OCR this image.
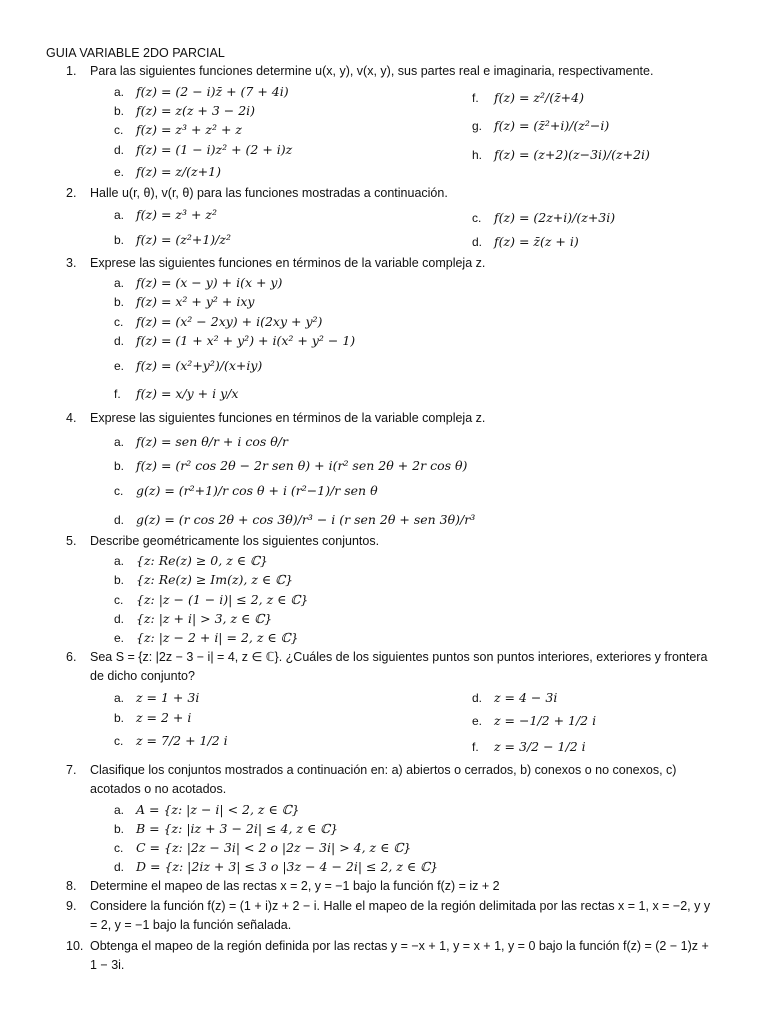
GUIA VARIABLE 2DO PARCIAL
1.	Para las siguientes funciones determine u(x, y), v(x, y), sus partes real e imaginaria, respectivamente.
a. f(z) = (2 − i)z̄ + (7 + 4i)
b. f(z) = z(z + 3 − 2i)
c. f(z) = z³ + z² + z
d. f(z) = (1 − i)z² + (2 + i)z
e. f(z) = z/(z+1)
f. f(z) = z²/(z̄+4)
g. f(z) = (z̄²+i)/(z²−i)
h. f(z) = (z+2)(z−3i)/(z+2i)
2.	Halle u(r, θ), v(r, θ) para las funciones mostradas a continuación.
a. f(z) = z³ + z²
b. f(z) = (z²+1)/z²
c. f(z) = (2z+i)/(z+3i)
d. f(z) = z̄(z + i)
3.	Exprese las siguientes funciones en términos de la variable compleja z.
a. f(z) = (x − y) + i(x + y)
b. f(z) = x² + y² + ixy
c. f(z) = (x² − 2xy) + i(2xy + y²)
d. f(z) = (1 + x² + y²) + i(x² + y² − 1)
e. f(z) = (x²+y²)/(x+iy)
f. f(z) = x/y + i y/x
4.	Exprese las siguientes funciones en términos de la variable compleja z.
a. f(z) = sen θ/r + i cos θ/r
b. f(z) = (r² cos 2θ − 2r sen θ) + i(r² sen 2θ + 2r cos θ)
c. g(z) = (r²+1)/r cos θ + i (r²−1)/r sen θ
d. g(z) = (r cos 2θ + cos 3θ)/r³ − i (r sen 2θ + sen 3θ)/r³
5.	Describe geométricamente los siguientes conjuntos.
a. {z: Re(z) ≥ 0, z ∈ ℂ}
b. {z: Re(z) ≥ Im(z), z ∈ ℂ}
c. {z: |z − (1 − i)| ≤ 2, z ∈ ℂ}
d. {z: |z + i| > 3, z ∈ ℂ}
e. {z: |z − 2 + i| = 2, z ∈ ℂ}
6.	Sea S = {z: |2z − 3 − i| = 4, z ∈ ℂ}. ¿Cuáles de los siguientes puntos son puntos interiores, exteriores y frontera de dicho conjunto?
a. z = 1 + 3i
b. z = 2 + i
c. z = 7/2 + 1/2 i
d. z = 4 − 3i
e. z = −1/2 + 1/2 i
f. z = 3/2 − 1/2 i
7.	Clasifique los conjuntos mostrados a continuación en: a) abiertos o cerrados, b) conexos o no conexos, c) acotados o no acotados.
a. A = {z: |z − i| < 2, z ∈ ℂ}
b. B = {z: |iz + 3 − 2i| ≤ 4, z ∈ ℂ}
c. C = {z: |2z − 3i| < 2 o |2z − 3i| > 4, z ∈ ℂ}
d. D = {z: |2iz + 3| ≤ 3 o |3z − 4 − 2i| ≤ 2, z ∈ ℂ}
8.	Determine el mapeo de las rectas x = 2, y = −1 bajo la función f(z) = iz + 2
9.	Considere la función f(z) = (1 + i)z + 2 − i. Halle el mapeo de la región delimitada por las rectas x = 1, x = −2, y y = 2, y = −1 bajo la función señalada.
10. Obtenga el mapeo de la región definida por las rectas y = −x + 1, y = x + 1, y = 0 bajo la función f(z) = (2 − 1)z + 1 − 3i.
